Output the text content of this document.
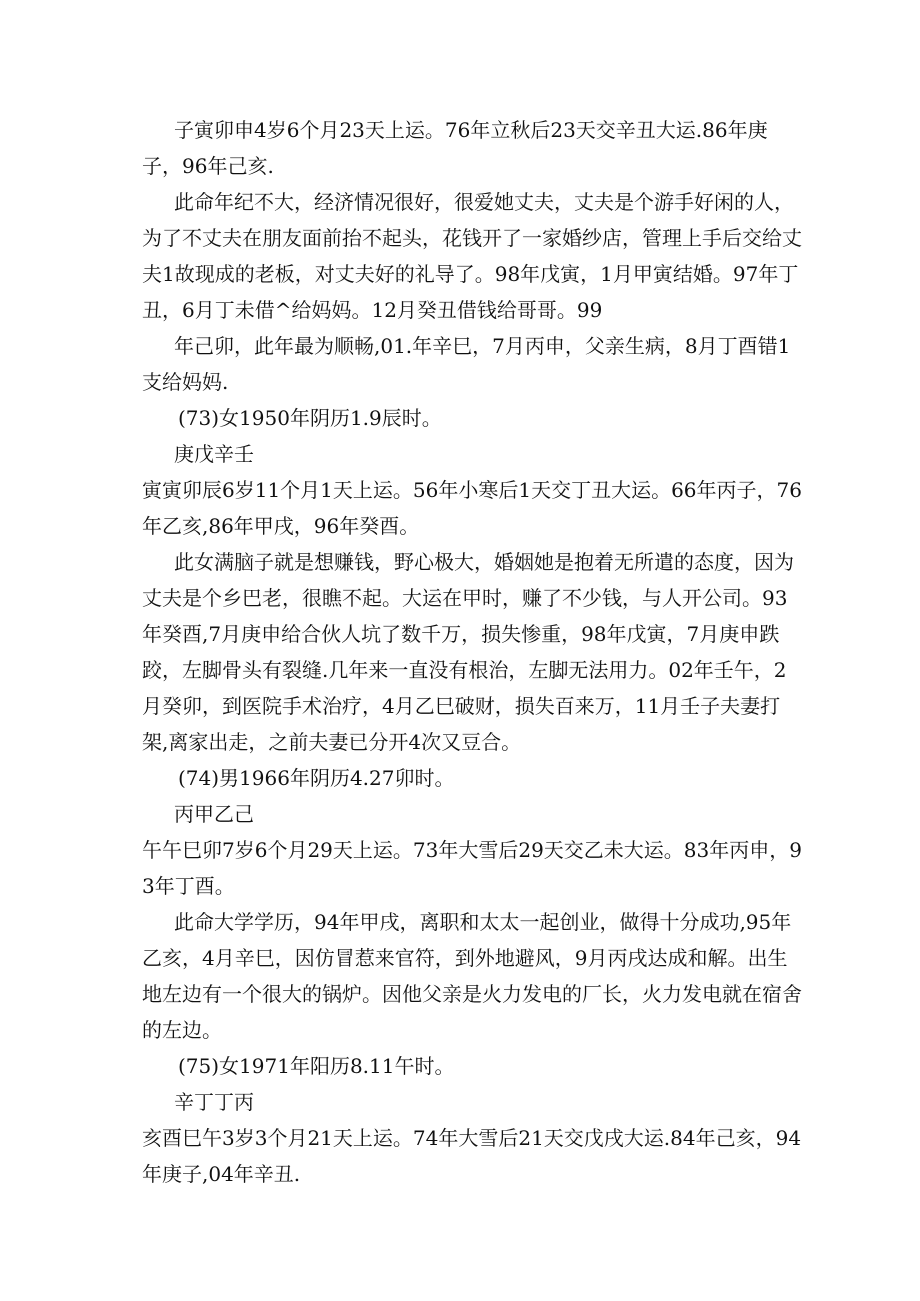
子寅卯申4岁6个月23天上运。76年立秋后23天交辛丑大运.86年庚子，96年己亥.

此命年纪不大，经济情况很好，很爱她丈夫，丈夫是个游手好闲的人，为了不丈夫在朋友面前抬不起头，花钱开了一家婚纱店，管理上手后交给丈夫1故现成的老板，对丈夫好的礼导了。98年戊寅，1月甲寅结婚。97年丁丑，6月丁未借^给妈妈。12月癸丑借钱给哥哥。99

年己卯，此年最为顺畅,01.年辛巳，7月丙申，父亲生病，8月丁酉错1支给妈妈.

(73)女1950年阴历1.9辰时。

庚戊辛壬

寅寅卯辰6岁11个月1天上运。56年小寒后1天交丁丑大运。66年丙子，76年乙亥,86年甲戌，96年癸酉。

此女满脑子就是想赚钱，野心极大，婚姻她是抱着无所遣的态度，因为丈夫是个乡巴老，很瞧不起。大运在甲时，赚了不少钱，与人开公司。93年癸酉,7月庚申给合伙人坑了数千万，损失惨重，98年戊寅，7月庚申跌跤，左脚骨头有裂缝.几年来一直没有根治，左脚无法用力。02年壬午，2月癸卯，到医院手术治疗，4月乙巳破财，损失百来万，11月壬子夫妻打架,离家出走，之前夫妻已分开4次又豆合。

(74)男1966年阴历4.27卯时。

丙甲乙己

午午巳卯7岁6个月29天上运。73年大雪后29天交乙未大运。83年丙申，93年丁酉。

此命大学学历，94年甲戌，离职和太太一起创业，做得十分成功,95年乙亥，4月辛巳，因仿冒惹来官符，到外地避风，9月丙戌达成和解。出生地左边有一个很大的锅炉。因他父亲是火力发电的厂长，火力发电就在宿舍的左边。

(75)女1971年阳历8.11午时。

辛丁丁丙

亥酉巳午3岁3个月21天上运。74年大雪后21天交戊戌大运.84年己亥，94年庚子,04年辛丑.
